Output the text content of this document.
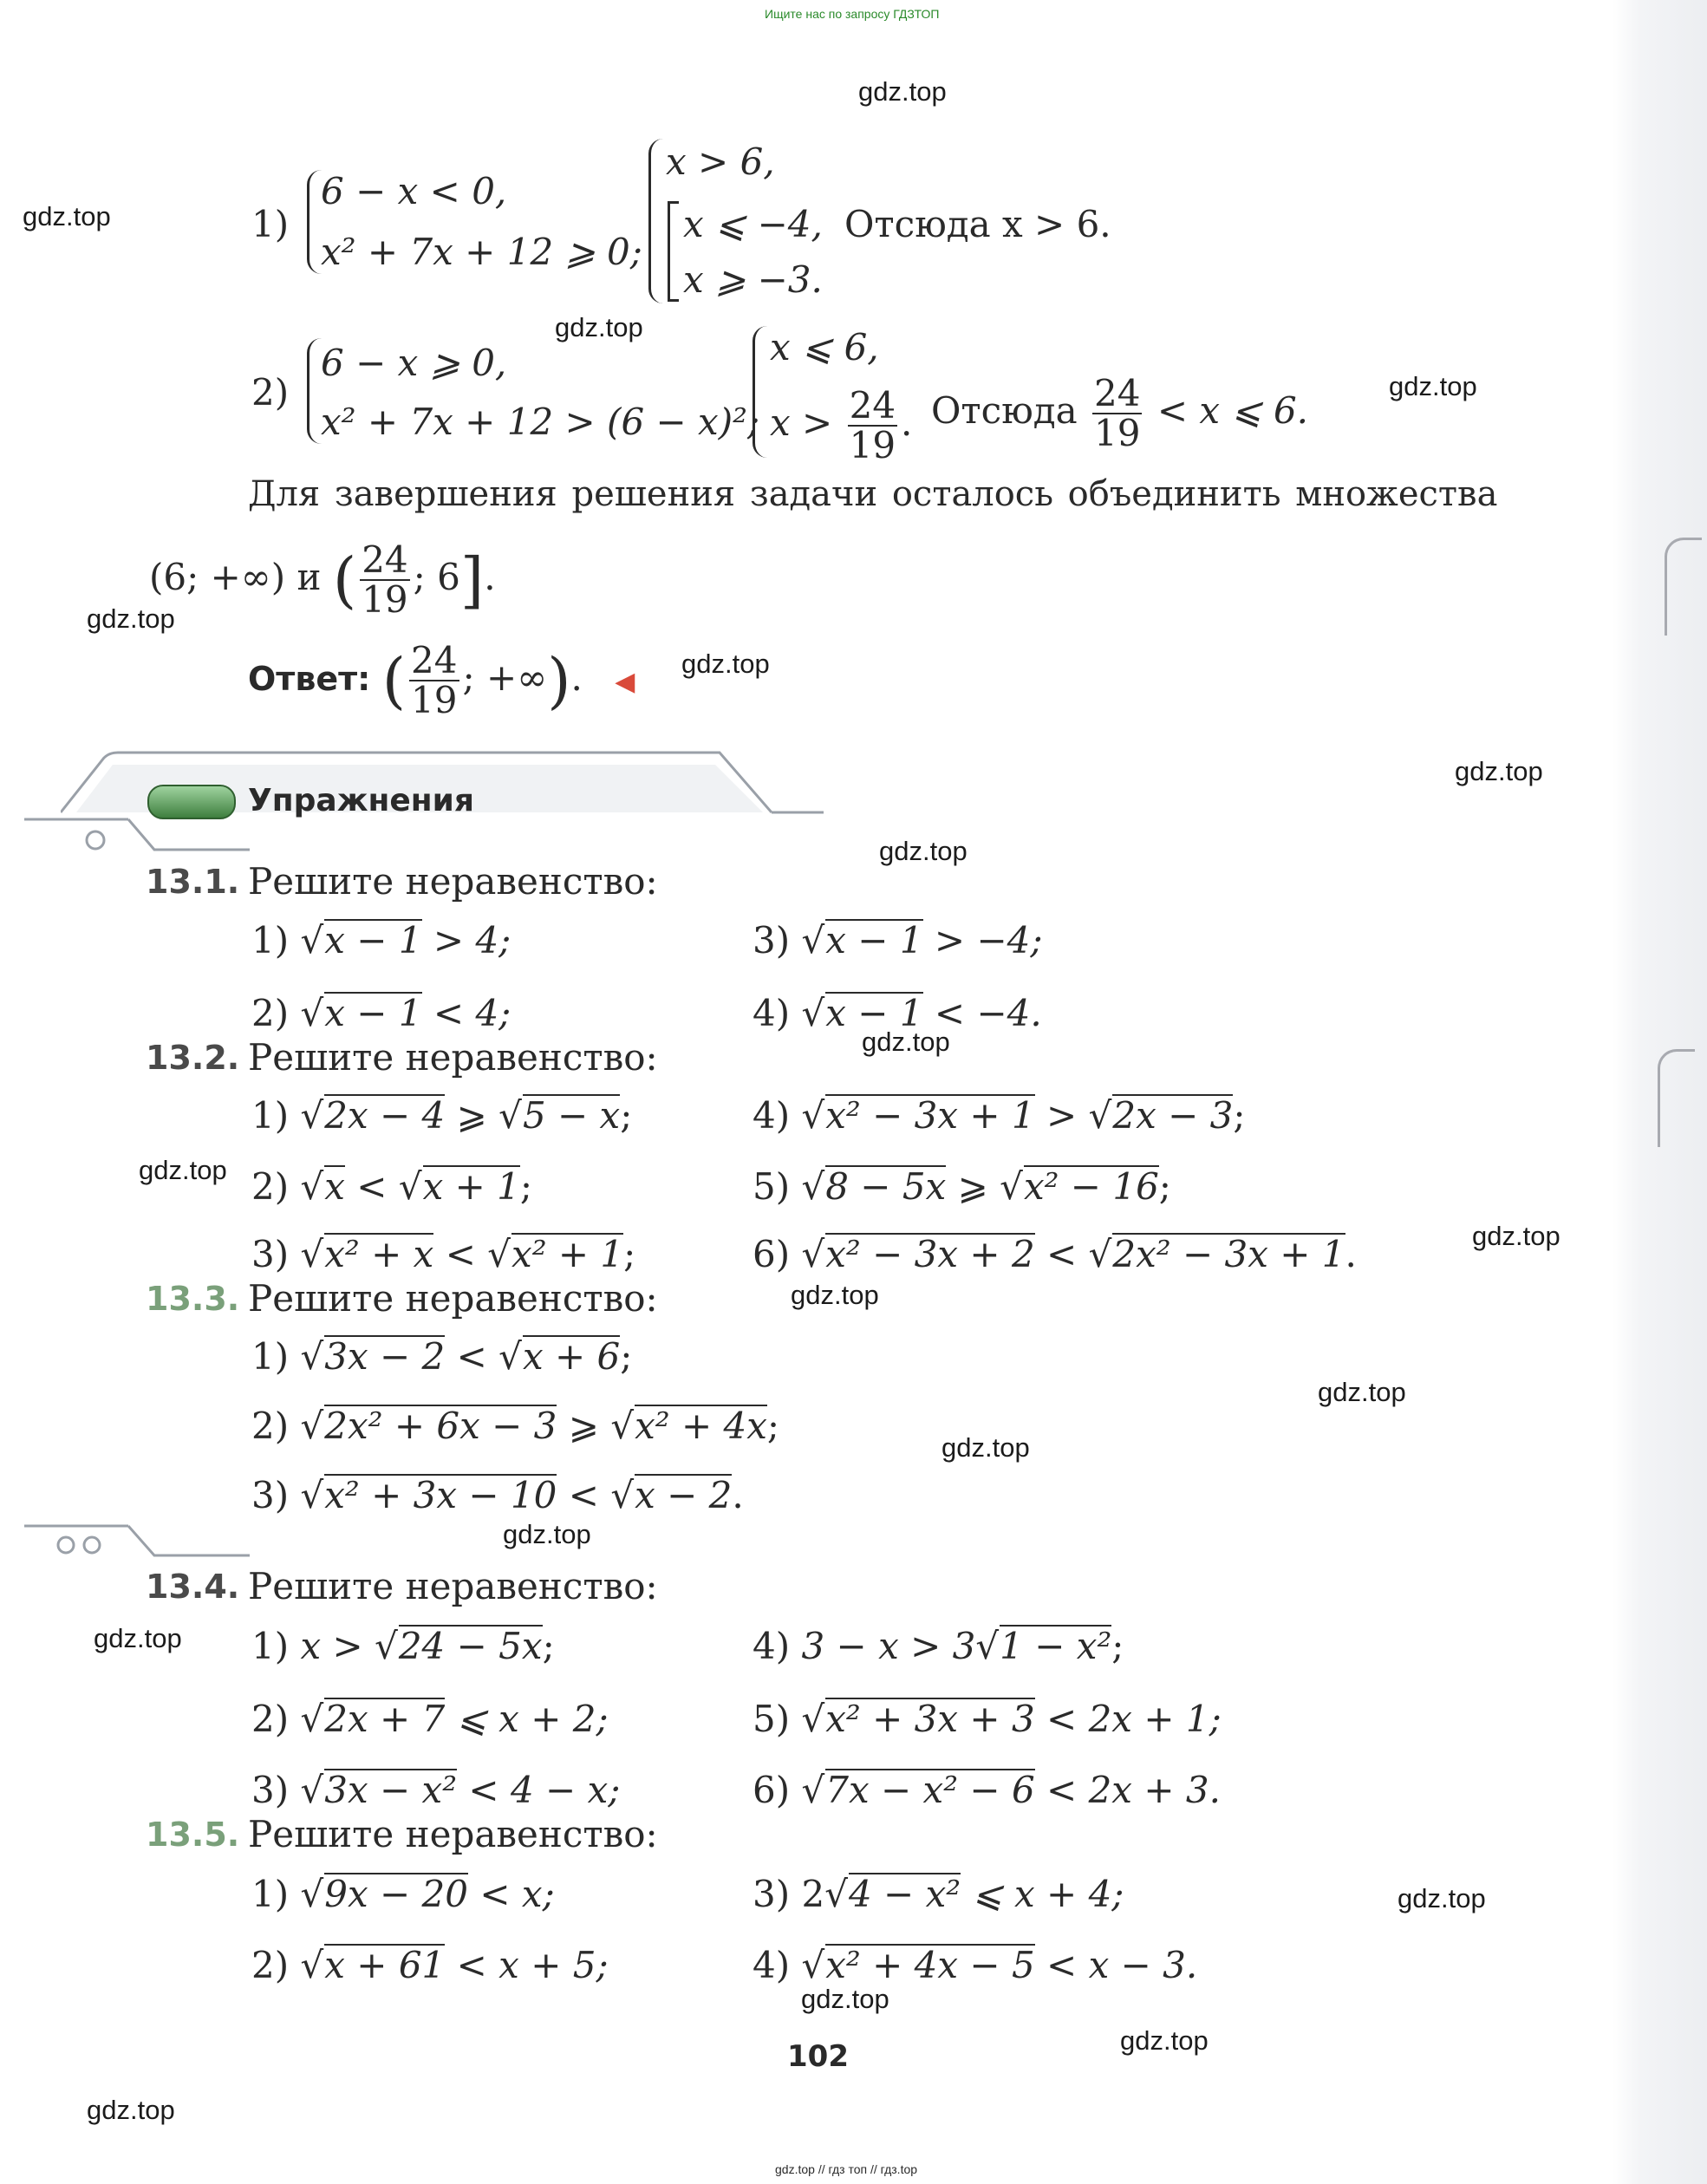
Ищите нас по запросу ГДЗТОП
1)
6 − x < 0,
x² + 7x + 12 ⩾ 0;
x > 6,
x ⩽ −4,
x ⩾ −3.
Отсюда x > 6.
2)
6 − x ⩾ 0,
x² + 7x + 12 > (6 − x)²;
x ⩽ 6,
$x > \frac{24}{19}$ . Отсюда $\frac{24}{19} < x$ ⩽ 6.
Для завершения решения задачи осталось объединить множества
(6; +∞) и ( $\frac{24}{19}$ ; 6].
Ответ: ( $\frac{24}{19}$ ; +∞). ◀
Упражнения
13.1. Решите неравенство:
1) √x − 1 > 4;
2) √x − 1 < 4;
3) √x − 1 > −4;
4) √x − 1 < −4.
13.2. Решите неравенство:
1) √2x − 4 ⩾ √5 − x;
2) √x < √x + 1;
3) √x² + x < √x² + 1;
4) √x² − 3x + 1 > √2x − 3;
5) √8 − 5x ⩾ √x² − 16;
6) √x² − 3x + 2 < √2x² − 3x + 1.
13.3. Решите неравенство:
1) √3x − 2 < √x + 6;
2) √2x² + 6x − 3 ⩾ √x² + 4x;
3) √x² + 3x − 10 < √x − 2.
13.4. Решите неравенство:
1) x > √24 − 5x;
2) √2x + 7 ⩽ x + 2;
3) √3x − x² < 4 − x;
4) 3 − x > 3√1 − x²;
5) √x² + 3x + 3 < 2x + 1;
6) √7x − x² − 6 < 2x + 3.
13.5. Решите неравенство:
1) √9x − 20 < x;
2) √x + 61 < x + 5;
3) 2√4 − x² ⩽ x + 4;
4) √x² + 4x − 5 < x − 3.
102
gdz.top
gdz.top
gdz.top
gdz.top
gdz.top
gdz.top
gdz.top
gdz.top
gdz.top
gdz.top
gdz.top
gdz.top
gdz.top
gdz.top
gdz.top
gdz.top
gdz.top
gdz.top
gdz.top
gdz.top
gdz.top // гдз топ // гдз.top
